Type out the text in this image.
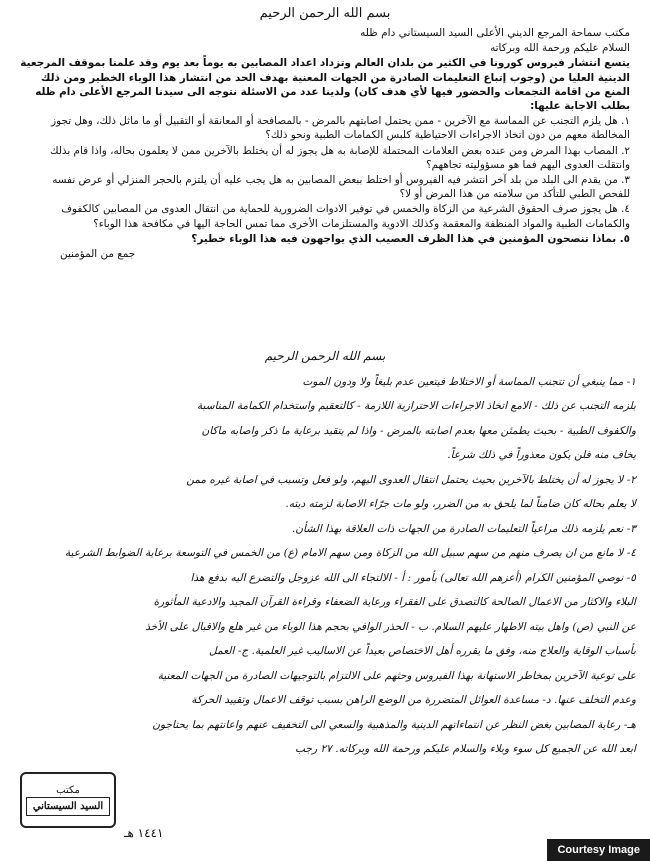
بسم الله الرحمن الرحيم

مكتب سماحة المرجع الديني الأعلى السيد السيستاني دام ظله

السلام عليكم ورحمة الله وبركاته

يتسع انتشار فيروس كورونا في الكثير من بلدان العالم وتزداد اعداد المصابين به يوماً بعد يوم وقد علمنا بموقف المرجعية الدينية العليا من (وجوب إتباع التعليمات الصادرة من الجهات المعنية بهدف الحد من انتشار هذا الوباء الخطير ومن ذلك المنع من اقامة التجمعات والحضور فيها لأي هدف كان) ولدينا عدد من الاسئلة نتوجه الى سيدنا المرجع الأعلى دام ظله بطلب الاجابة عليها:

١. هل يلزم التجنب عن المماسة مع الآخرين - ممن يحتمل اصابتهم بالمرض - بالمصافحة أو المعانقة أو التقبيل أو ما ماثل ذلك، وهل تجوز المخالطة معهم من دون اتخاذ الاجراءات الاحتياطية كلبس الكمامات الطبية ونحو ذلك؟

٢. المصاب بهذا المرض ومن عنده بعض العلامات المحتملة للإصابة به هل يجوز له أن يختلط بالآخرين ممن لا يعلمون بحاله، واذا قام بذلك وانتقلت العدوى اليهم فما هو مسؤوليته تجاههم؟

٣. من يقدم الى البلد من بلد آخر انتشر فيه الفيروس أو اختلط ببعض المصابين به هل يجب عليه أن يلتزم بالحجر المنزلي أو عرض نفسه للفحص الطبي للتأكد من سلامته من هذا المرض أو لا؟

٤. هل يجوز صرف الحقوق الشرعية من الزكاة والخمس في توفير الادوات الضرورية للحماية من انتقال العدوى من المصابين كالكفوف والكمامات الطبية والمواد المنظفة والمعقمة وكذلك الادوية والمستلزمات الأخرى مما تمس الحاجة اليها في مكافحة هذا الوباء؟

٥. بماذا تنصحون المؤمنين في هذا الظرف العصيب الذي يواجهون فيه هذا الوباء خطير؟

جمع من المؤمنين

بسم الله الرحمن الرحيم

١- مما ينبغي أن تتجنب المماسة أو الاختلاط فيتعين عدم بليغاً ولا ودون الموت

بلزمه التجنب عن ذلك - الامع اتخاذ الاجراءات الاحترازية اللازمة - كالتعقيم واستخدام الكمامة المناسبة

والكفوف الطبية - بحيث يطمئن معها بعدم اصابته بالمرض - واذا لم يتقيد برعاية ما ذكر واصابه ماكان

يخاف منه فلن يكون معذوراً في ذلك شرعاً.

٢- لا يجوز له أن يختلط بالآخرين بحيث يحتمل انتقال العدوى اليهم، ولو فعل وتسبب في اصابة غيره ممن

لا يعلم بحاله كان ضامناً لما يلحق به من الضرر، ولو مات جرّاء الاصابة لزمته ديته.

٣- نعم يلزمه ذلك مراعياً التعليمات الصادرة من الجهات ذات العلاقة بهذا الشأن.

٤- لا مانع من ان يصرف منهم من سهم سبيل الله من الزكاة ومن سهم الامام (ع) من الخمس في التوسعة برعاية الضوابط الشرعية

٥- نوصي المؤمنين الكرام (أعزهم الله تعالى) بأمور : أ - الالتجاء الى الله عزوجل والتضرع اليه بدفع هذا

البلاء والاكثار من الاعمال الصالحة كالتصدق على الفقراء ورعاية الضعفاء وقراءة القرآن المجيد والادعية المأثورة

عن النبي (ص) واهل بيته الاطهار عليهم السلام. ب - الحذر الوافي بحجم هذا الوباء من غير هلع والاقبال على الأخذ

بأسباب الوقاية والعلاج منه، وفق ما يقرره أهل الاختصاص بعيداً عن الاساليب غير العلمية. ج- العمل

على توعية الآخرين بمخاطر الاستهانة بهذا الفيروس وحثهم على الالتزام بالتوجيهات الصادرة من الجهات المعنية

وعدم التخلف عنها. د- مساعدة العوائل المتضررة من الوضع الراهن بسبب توقف الاعمال وتقييد الحركة

هـ- رعاية المصابين بغض النظر عن انتماءاتهم الدينية والمذهبية والسعي الى التخفيف عنهم واعانتهم بما يحتاجون

ابعد الله عن الجميع كل سوء وبلاء والسلام عليكم ورحمة الله وبركاته. ٢٧ رجب

مكتب
السيد السيستاني
١٤٤١ هـ
Courtesy Image
